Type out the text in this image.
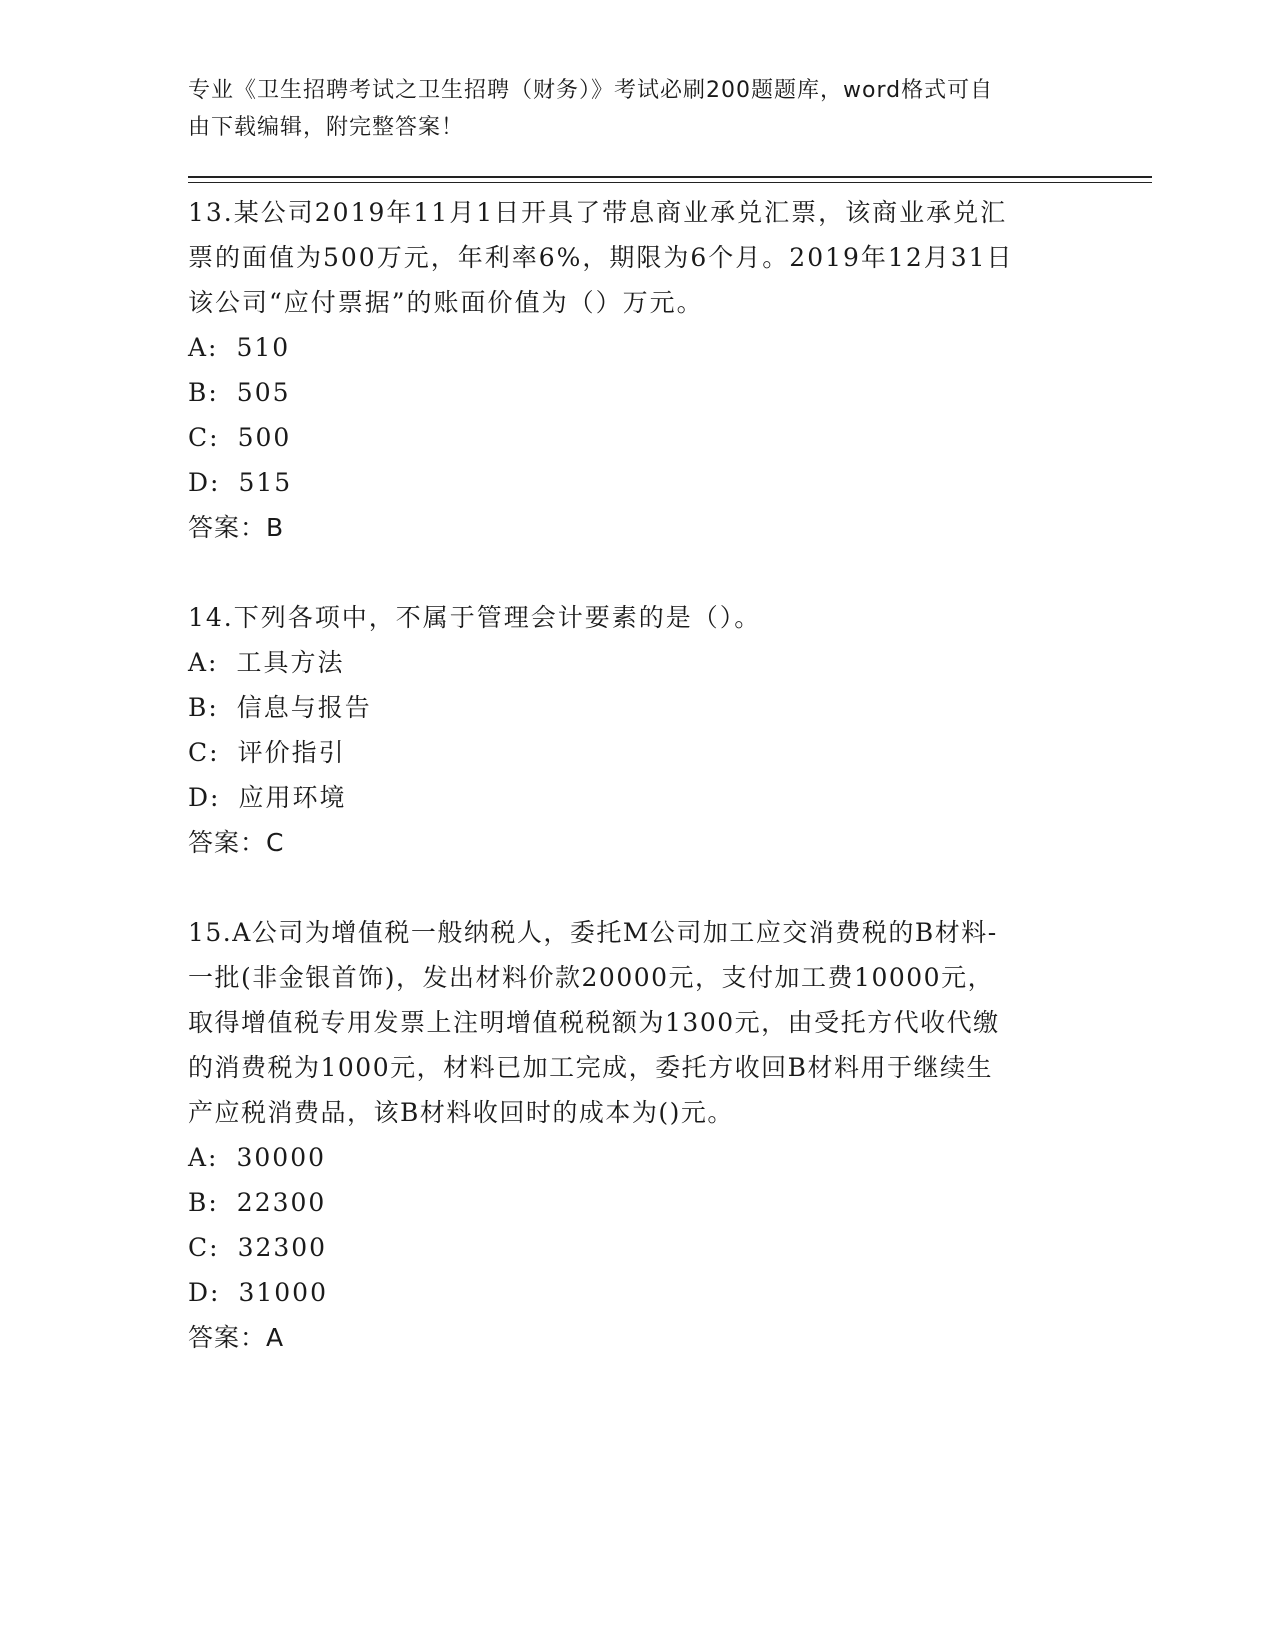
专业《卫生招聘考试之卫生招聘（财务）》考试必刷200题题库，word格式可自
由下载编辑，附完整答案！
13.某公司2019年11月1日开具了带息商业承兑汇票，该商业承兑汇
票的面值为500万元，年利率6%，期限为6个月。2019年12月31日
该公司“应付票据”的账面价值为（）万元。
A: 510
B: 505
C: 500
D: 515
答案：B
14.下列各项中，不属于管理会计要素的是（）。
A: 工具方法
B: 信息与报告
C: 评价指引
D: 应用环境
答案：C
15.A公司为增值税一般纳税人，委托M公司加工应交消费税的B材料-
一批(非金银首饰)，发出材料价款20000元，支付加工费10000元，
取得增值税专用发票上注明增值税税额为1300元，由受托方代收代缴
的消费税为1000元，材料已加工完成，委托方收回B材料用于继续生
产应税消费品，该B材料收回时的成本为()元。
A: 30000
B: 22300
C: 32300
D: 31000
答案：A
